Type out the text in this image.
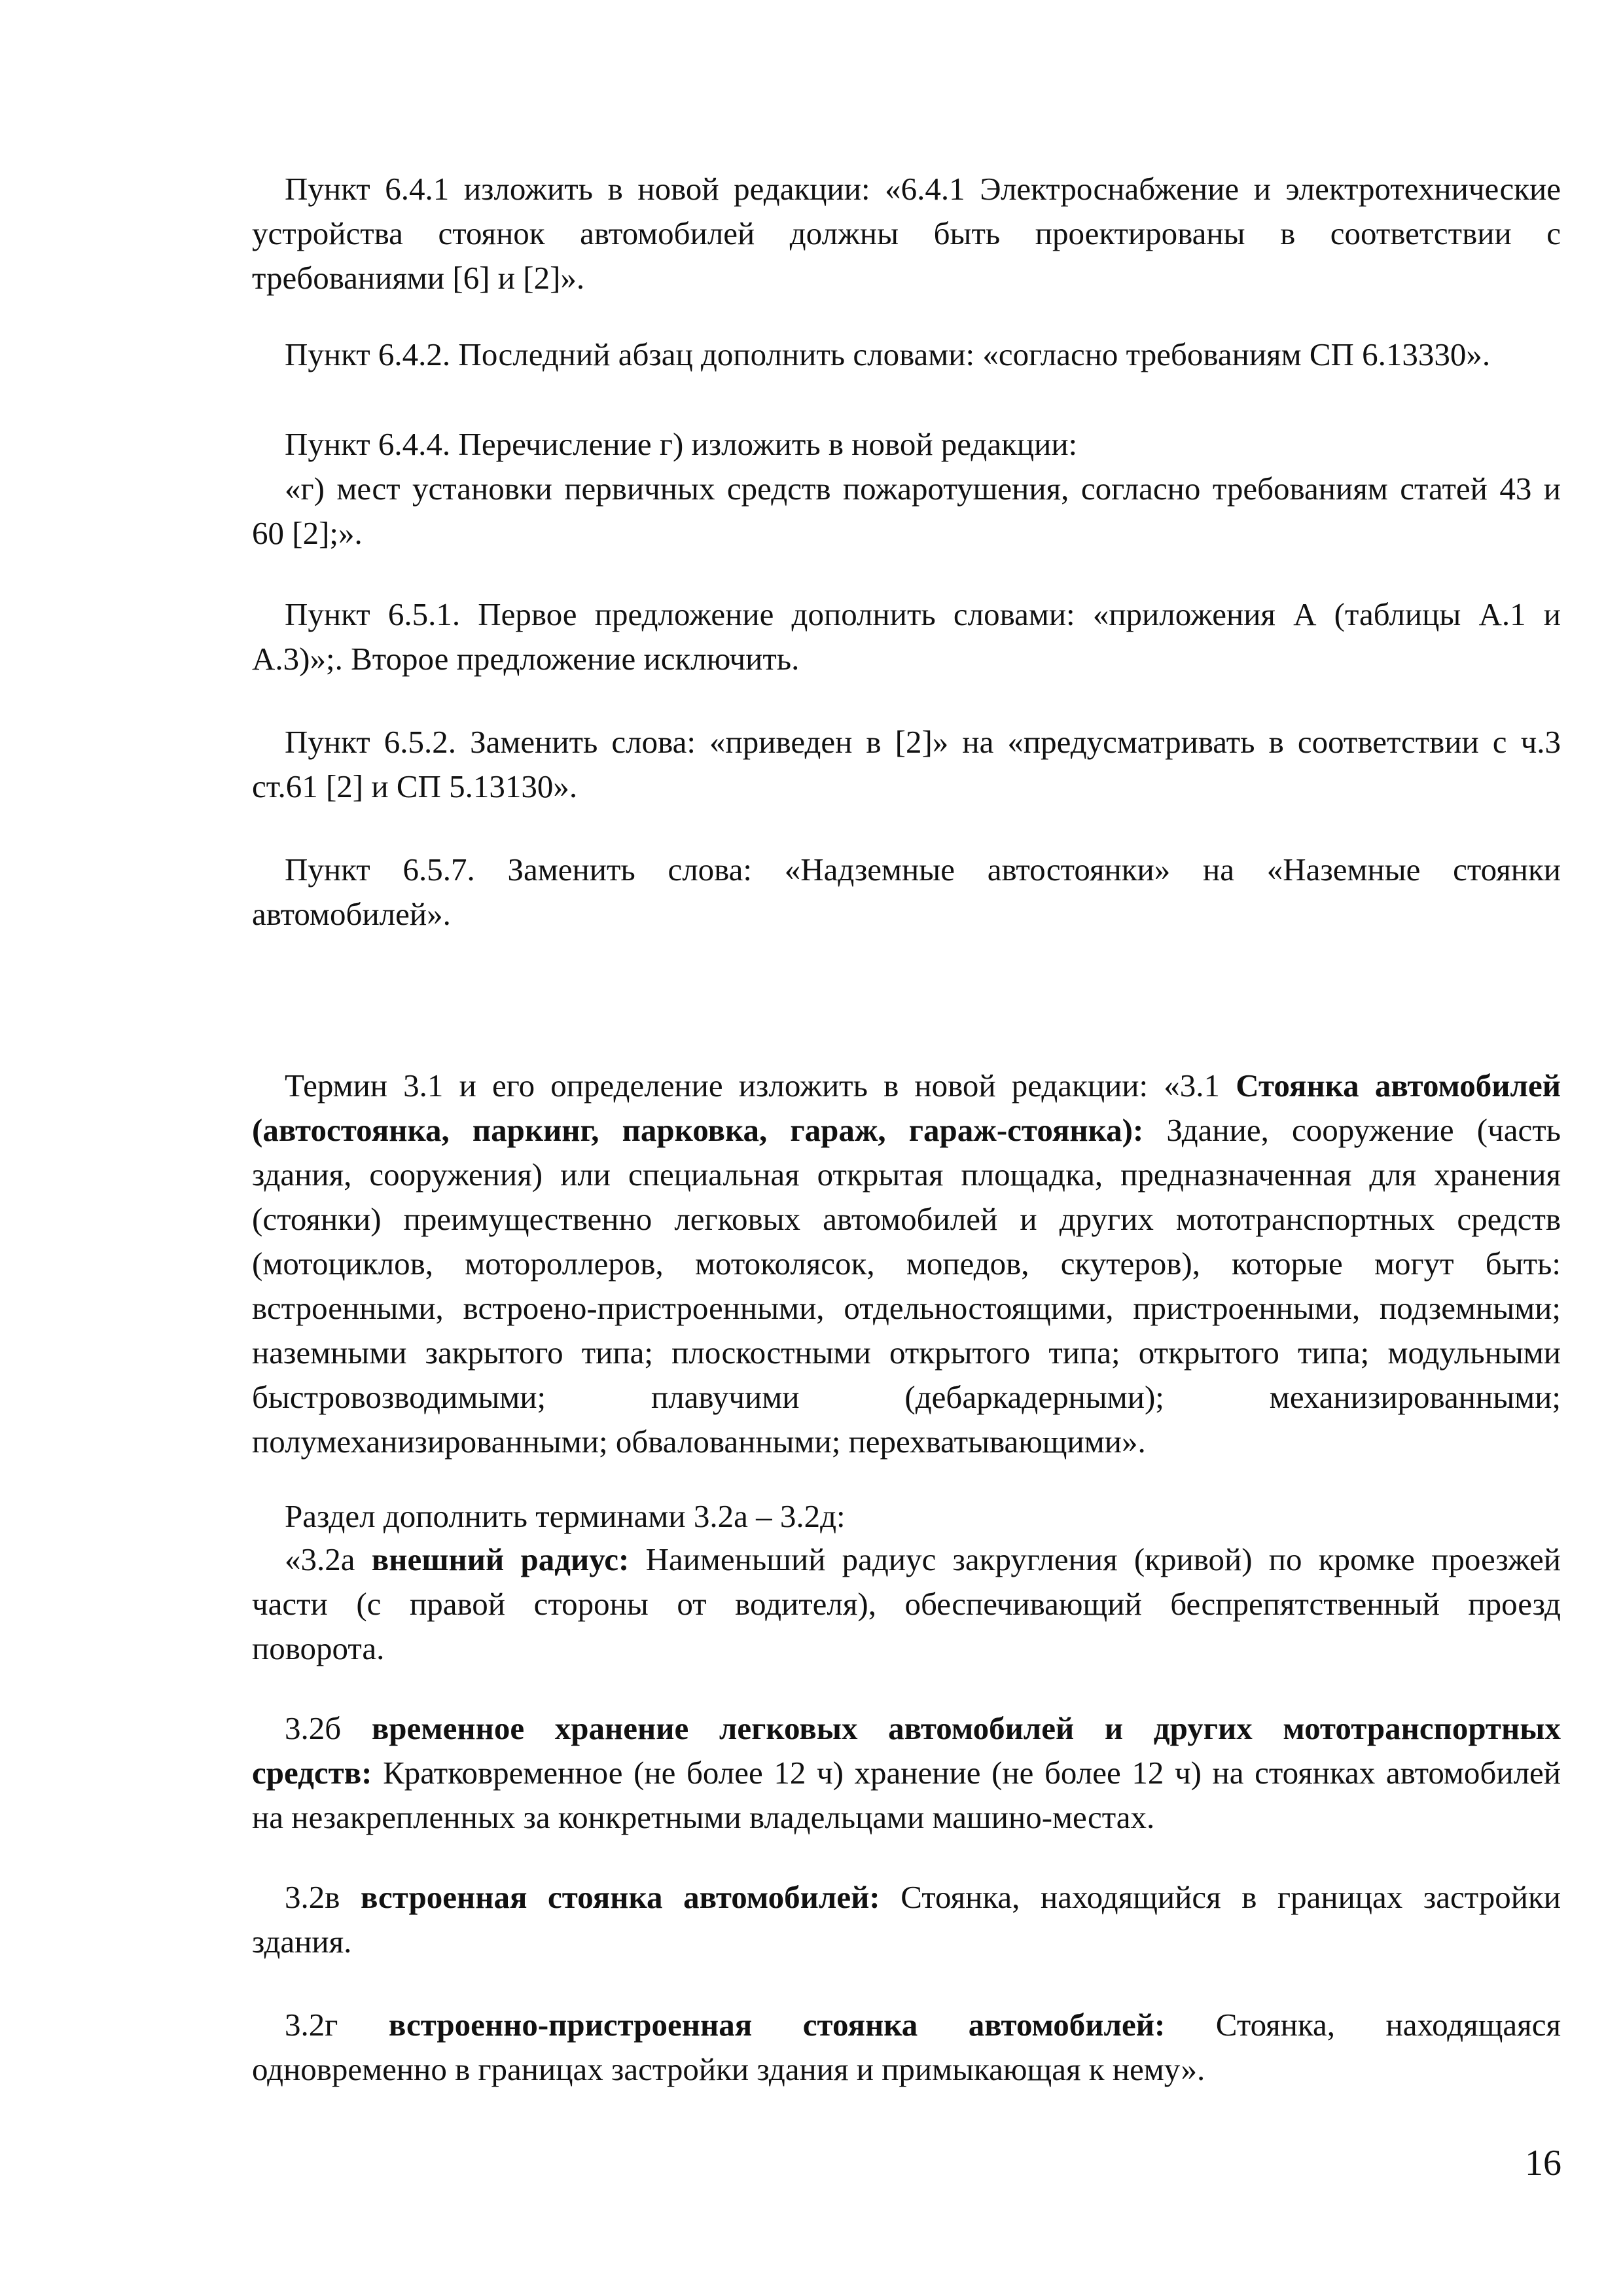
Пункт 6.4.1 изложить в новой редакции: «6.4.1 Электроснабжение и электротехнические
устройства стоянок автомобилей должны быть проектированы в соответствии с
требованиями [6] и [2]».
Пункт 6.4.2. Последний абзац дополнить словами: «согласно требованиям СП 6.13330».
Пункт 6.4.4. Перечисление г) изложить в новой редакции:
«г) мест установки первичных средств пожаротушения, согласно требованиям статей 43 и
60 [2];».
Пункт 6.5.1. Первое предложение дополнить словами: «приложения А (таблицы А.1 и
А.3)»;. Второе предложение исключить.
Пункт 6.5.2. Заменить слова: «приведен в [2]» на «предусматривать в соответствии с ч.3
ст.61 [2] и СП 5.13130».
Пункт 6.5.7. Заменить слова: «Надземные автостоянки» на «Наземные стоянки
автомобилей».
Термин 3.1 и его определение изложить в новой редакции: «3.1 Стоянка автомобилей
(автостоянка, паркинг, парковка, гараж, гараж-стоянка): Здание, сооружение (часть
здания, сооружения) или специальная открытая площадка, предназначенная для хранения
(стоянки) преимущественно легковых автомобилей и других мототранспортных средств
(мотоциклов, мотороллеров, мотоколясок, мопедов, скутеров), которые могут быть:
встроенными, встроено-пристроенными, отдельностоящими, пристроенными, подземными;
наземными закрытого типа; плоскостными открытого типа; открытого типа; модульными
быстровозводимыми; плавучими (дебаркадерными); механизированными;
полумеханизированными; обвалованными; перехватывающими».
Раздел дополнить терминами 3.2а – 3.2д:
«3.2а внешний радиус: Наименьший радиус закругления (кривой) по кромке проезжей
части (с правой стороны от водителя), обеспечивающий беспрепятственный проезд
поворота.
3.2б временное хранение легковых автомобилей и других мототранспортных
средств: Кратковременное (не более 12 ч) хранение (не более 12 ч) на стоянках автомобилей
на незакрепленных за конкретными владельцами машино-местах.
3.2в встроенная стоянка автомобилей: Стоянка, находящийся в границах застройки
здания.
3.2г встроенно-пристроенная стоянка автомобилей: Стоянка, находящаяся
одновременно в границах застройки здания и примыкающая к нему».
16
